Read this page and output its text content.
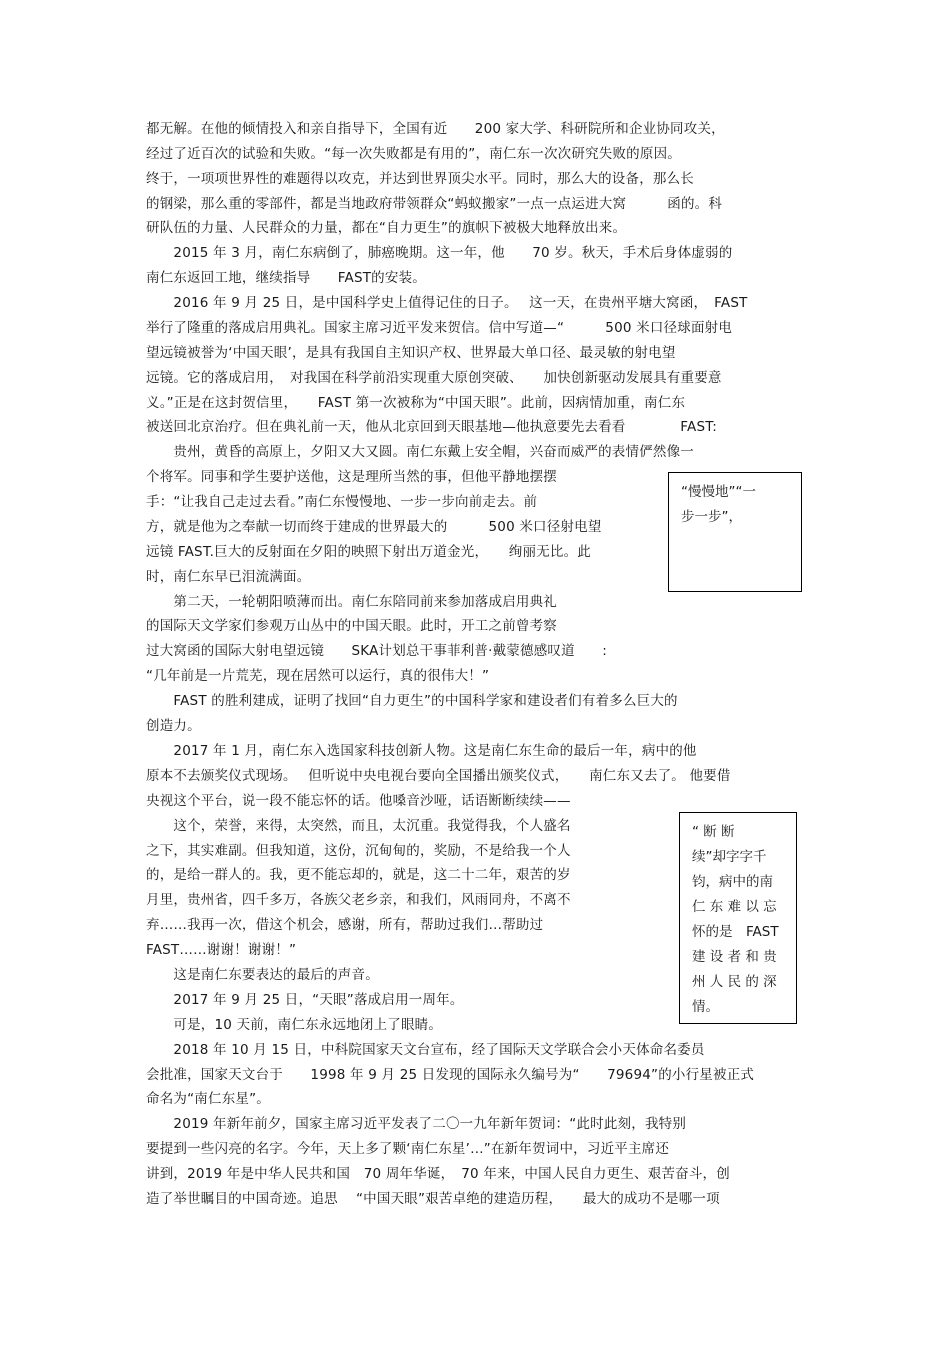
都无解。在他的倾情投入和亲自指导下，全国有近　　200 家大学、科研院所和企业协同攻关，
经过了近百次的试验和失败。“每一次失败都是有用的”，南仁东一次次研究失败的原因。
终于，一项项世界性的难题得以攻克，并达到世界顶尖水平。同时，那么大的设备，那么长
的钢梁，那么重的零部件，都是当地政府带领群众“蚂蚁搬家”一点一点运进大窝　　　函的。科
研队伍的力量、人民群众的力量，都在“自力更生”的旗帜下被极大地释放出来。
　　2015 年 3 月，南仁东病倒了，肺癌晚期。这一年，他　　70 岁。秋天，手术后身体虚弱的
南仁东返回工地，继续指导　　FAST的安装。
　　2016 年 9 月 25 日，是中国科学史上值得记住的日子。　 这一天，在贵州平塘大窝函，　FAST
举行了隆重的落成启用典礼。国家主席习近平发来贺信。信中写道—“　　　500 米口径球面射电
望远镜被誉为‘中国天眼’，是具有我国自主知识产权、世界最大单口径、最灵敏的射电望
远镜。它的落成启用，　对我国在科学前沿实现重大原创突破、　　加快创新驱动发展具有重要意
义。”正是在这封贺信里，　　FAST 第一次被称为“中国天眼”。此前，因病情加重，南仁东
被送回北京治疗。但在典礼前一天，他从北京回到天眼基地—他执意要先去看看　　　　FAST:
　　贵州，黄昏的高原上，夕阳又大又圆。南仁东戴上安全帽，兴奋而威严的表情俨然像一
个将军。同事和学生要护送他，这是理所当然的事，但他平静地摆摆
手：“让我自己走过去看。”南仁东慢慢地、一步一步向前走去。前
方，就是他为之奉献一切而终于建成的世界最大的　　　500 米口径射电望
远镜 FAST.巨大的反射面在夕阳的映照下射出万道金光，　　绚丽无比。此
时，南仁东早已泪流满面。
　　第二天，一轮朝阳喷薄而出。南仁东陪同前来参加落成启用典礼
的国际天文学家们参观万山丛中的中国天眼。此时，开工之前曾考察
过大窝函的国际大射电望远镜　　SKA计划总干事菲利普·戴蒙德感叹道　　:
“几年前是一片荒芜，现在居然可以运行，真的很伟大！”
　　FAST 的胜利建成，证明了找回“自力更生”的中国科学家和建设者们有着多么巨大的
创造力。
　　2017 年 1 月，南仁东入选国家科技创新人物。这是南仁东生命的最后一年，病中的他
原本不去颁奖仪式现场。　 但听说中央电视台要向全国播出颁奖仪式，　　南仁东又去了。 他要借
央视这个平台，说一段不能忘怀的话。他嗓音沙哑，话语断断续续——
　　这个，荣誉，来得，太突然，而且，太沉重。我觉得我，个人盛名
之下，其实难副。但我知道，这份，沉甸甸的，奖励，不是给我一个人
的，是给一群人的。我，更不能忘却的，就是，这二十二年，艰苦的岁
月里，贵州省，四千多万，各族父老乡亲，和我们，风雨同舟，不离不
弃……我再一次，借这个机会，感谢，所有，帮助过我们…帮助过
FAST……谢谢！谢谢！”
　　这是南仁东要表达的最后的声音。
　　2017 年 9 月 25 日，“天眼”落成启用一周年。
　　可是，10 天前，南仁东永远地闭上了眼睛。
　　2018 年 10 月 15 日，中科院国家天文台宣布，经了国际天文学联合会小天体命名委员
会批准，国家天文台于　　1998 年 9 月 25 日发现的国际永久编号为“　　79694”的小行星被正式
命名为“南仁东星”。
　　2019 年新年前夕，国家主席习近平发表了二〇一九年新年贺词：“此时此刻，我特别
要提到一些闪亮的名字。今年，天上多了颗‘南仁东星’…”在新年贺词中，习近平主席还
讲到，2019 年是中华人民共和国　70 周年华诞，　70 年来，中国人民自力更生、艰苦奋斗，创
造了举世瞩目的中国奇迹。追思　 “中国天眼”艰苦卓绝的建造历程，　　最大的成功不是哪一项
“慢慢地”“一
步一步”，
“ 断 断
续”却字字千
钧，病中的南
仁 东 难 以 忘
怀的是　FAST
建 设 者 和 贵
州 人 民 的 深
情。
